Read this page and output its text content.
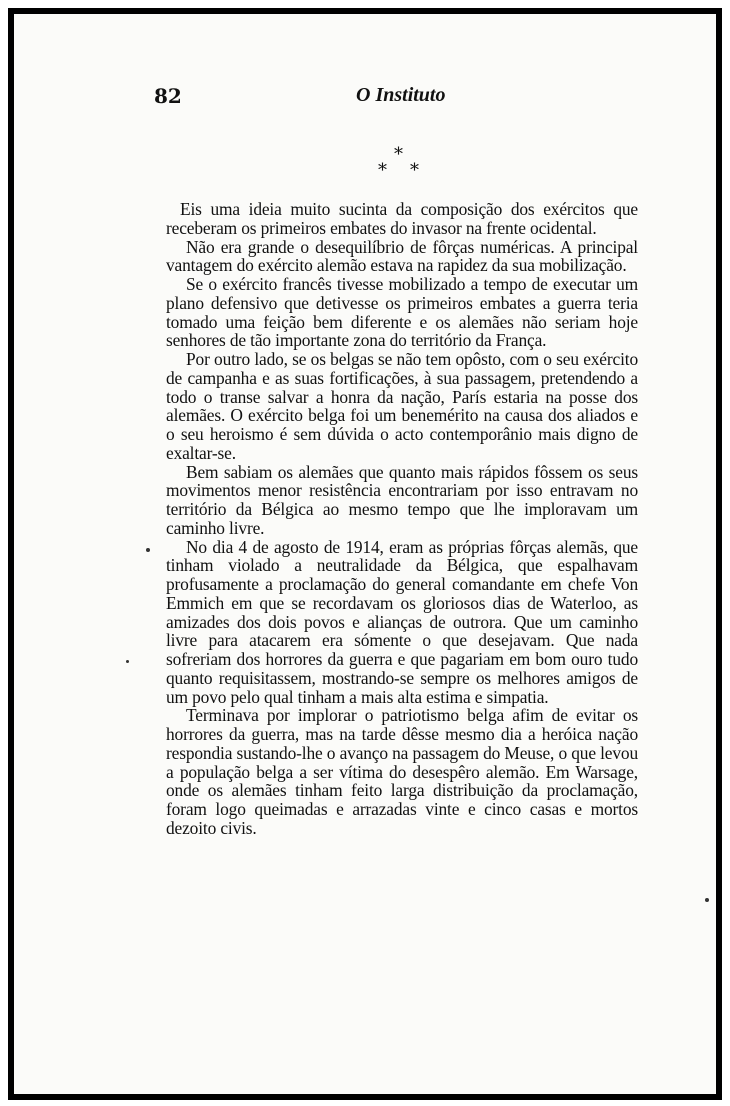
82	O Instituto
*
* *

Eis uma ideia muito sucinta da composição dos exércitos que receberam os primeiros embates do invasor na frente ocidental.

Não era grande o desequilíbrio de fôrças numéricas. A principal vantagem do exército alemão estava na rapidez da sua mobilização.

Se o exército francês tivesse mobilizado a tempo de executar um plano defensivo que detivesse os primeiros embates a guerra teria tomado uma feição bem diferente e os alemães não seriam hoje senhores de tão importante zona do território da França.

Por outro lado, se os belgas se não tem opôsto, com o seu exército de campanha e as suas fortificações, à sua passagem, pretendendo a todo o transe salvar a honra da nação, París estaria na posse dos alemães. O exército belga foi um benemérito na causa dos aliados e o seu heroismo é sem dúvida o acto contemporânio mais digno de exaltar-se.

Bem sabiam os alemães que quanto mais rápidos fôssem os seus movimentos menor resistência encontrariam por isso entravam no território da Bélgica ao mesmo tempo que lhe imploravam um caminho livre.

No dia 4 de agosto de 1914, eram as próprias fôrças alemãs, que tinham violado a neutralidade da Bélgica, que espalhavam profusamente a proclamação do general comandante em chefe Von Emmich em que se recordavam os gloriosos dias de Waterloo, as amizades dos dois povos e alianças de outrora. Que um caminho livre para atacarem era sómente o que desejavam. Que nada sofreriam dos horrores da guerra e que pagariam em bom ouro tudo quanto requisitassem, mostrando-se sempre os melhores amigos de um povo pelo qual tinham a mais alta estima e simpatia.

Terminava por implorar o patriotismo belga afim de evitar os horrores da guerra, mas na tarde dêsse mesmo dia a heróica nação respondia sustando-lhe o avanço na passagem do Meuse, o que levou a população belga a ser vítima do desespêro alemão. Em Warsage, onde os alemães tinham feito larga distribuição da proclamação, foram logo queimadas e arrazadas vinte e cinco casas e mortos dezoito civis.
